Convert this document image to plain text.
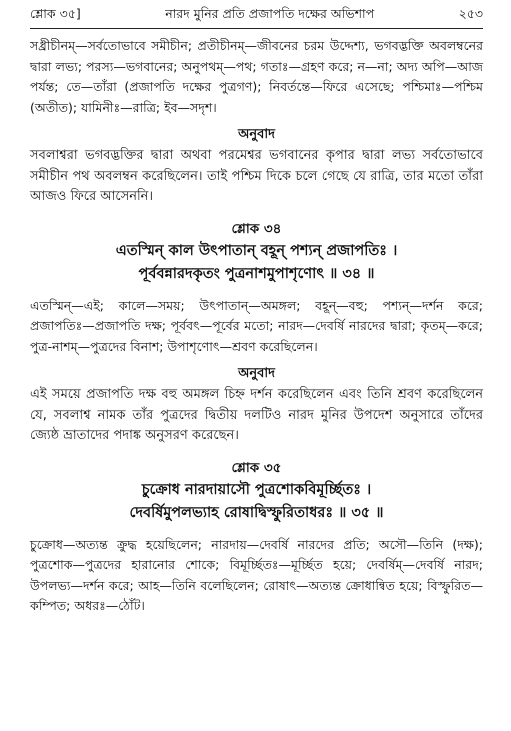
শ্লোক ৩৫]	নারদ মুনির প্রতি প্রজাপতি দক্ষের অভিশাপ	২৫৩

সধ্রীচীনম্—সর্বতোভাবে সমীচীন; প্রতীচীনম্—জীবনের চরম উদ্দেশ্য, ভগবদ্ভক্তি অবলম্বনের দ্বারা লভ্য; পরস্য—ভগবানের; অনুপথম্—পথ; গতাঃ—গ্রহণ করে; ন—না; অদ্য অপি—আজ পর্যন্ত; তে—তাঁরা (প্রজাপতি দক্ষের পুত্রগণ); নিবর্তন্তে—ফিরে এসেছে; পশ্চিমাঃ—পশ্চিম (অতীত); যামিনীঃ—রাত্রি; ইব—সদৃশ।

অনুবাদ

সবলাশ্বরা ভগবদ্ভক্তির দ্বারা অথবা পরমেশ্বর ভগবানের কৃপার দ্বারা লভ্য সর্বতোভাবে সমীচীন পথ অবলম্বন করেছিলেন। তাই পশ্চিম দিকে চলে গেছে যে রাত্রি, তার মতো তাঁরা আজও ফিরে আসেননি।

শ্লোক ৩৪
এতস্মিন্ কাল উৎপাতান্ বহূন্ পশ্যন্ প্রজাপতিঃ ।
পূর্ববন্নারদকৃতং পুত্রনাশমুপাশৃণোৎ ॥ ৩৪ ॥

এতস্মিন্—এই; কালে—সময়; উৎপাতান্—অমঙ্গল; বহূন্—বহু; পশ্যন্—দর্শন করে; প্রজাপতিঃ—প্রজাপতি দক্ষ; পূর্ববৎ—পূর্বের মতো; নারদ—দেবর্ষি নারদের দ্বারা; কৃতম্—করে; পুত্র-নাশম্—পুত্রদের বিনাশ; উপাশৃণোৎ—শ্রবণ করেছিলেন।

অনুবাদ

এই সময়ে প্রজাপতি দক্ষ বহু অমঙ্গল চিহ্ন দর্শন করেছিলেন এবং তিনি শ্রবণ করেছিলেন যে, সবলাশ্ব নামক তাঁর পুত্রদের দ্বিতীয় দলটিও নারদ মুনির উপদেশ অনুসারে তাঁদের জ্যেষ্ঠ ভ্রাতাদের পদাঙ্ক অনুসরণ করেছেন।

শ্লোক ৩৫
চুক্রোধ নারদায়াসৌ পুত্রশোকবিমূর্চ্ছিতঃ ।
দেবর্ষিমুপলভ্যাহ রোষাদ্বিস্ফুরিতাধরঃ ॥ ৩৫ ॥

চুক্রোধ—অত্যন্ত ক্রুদ্ধ হয়েছিলেন; নারদায়—দেবর্ষি নারদের প্রতি; অসৌ—তিনি (দক্ষ); পুত্রশোক—পুত্রদের হারানোর শোকে; বিমূর্চ্ছিতঃ—মূর্চ্ছিত হয়ে; দেবর্ষিম্—দেবর্ষি নারদ; উপলভ্য—দর্শন করে; আহ—তিনি বলেছিলেন; রোষাৎ—অত্যন্ত ক্রোধান্বিত হয়ে; বিস্ফুরিত—কম্পিত; অধরঃ—ঠোঁট।
